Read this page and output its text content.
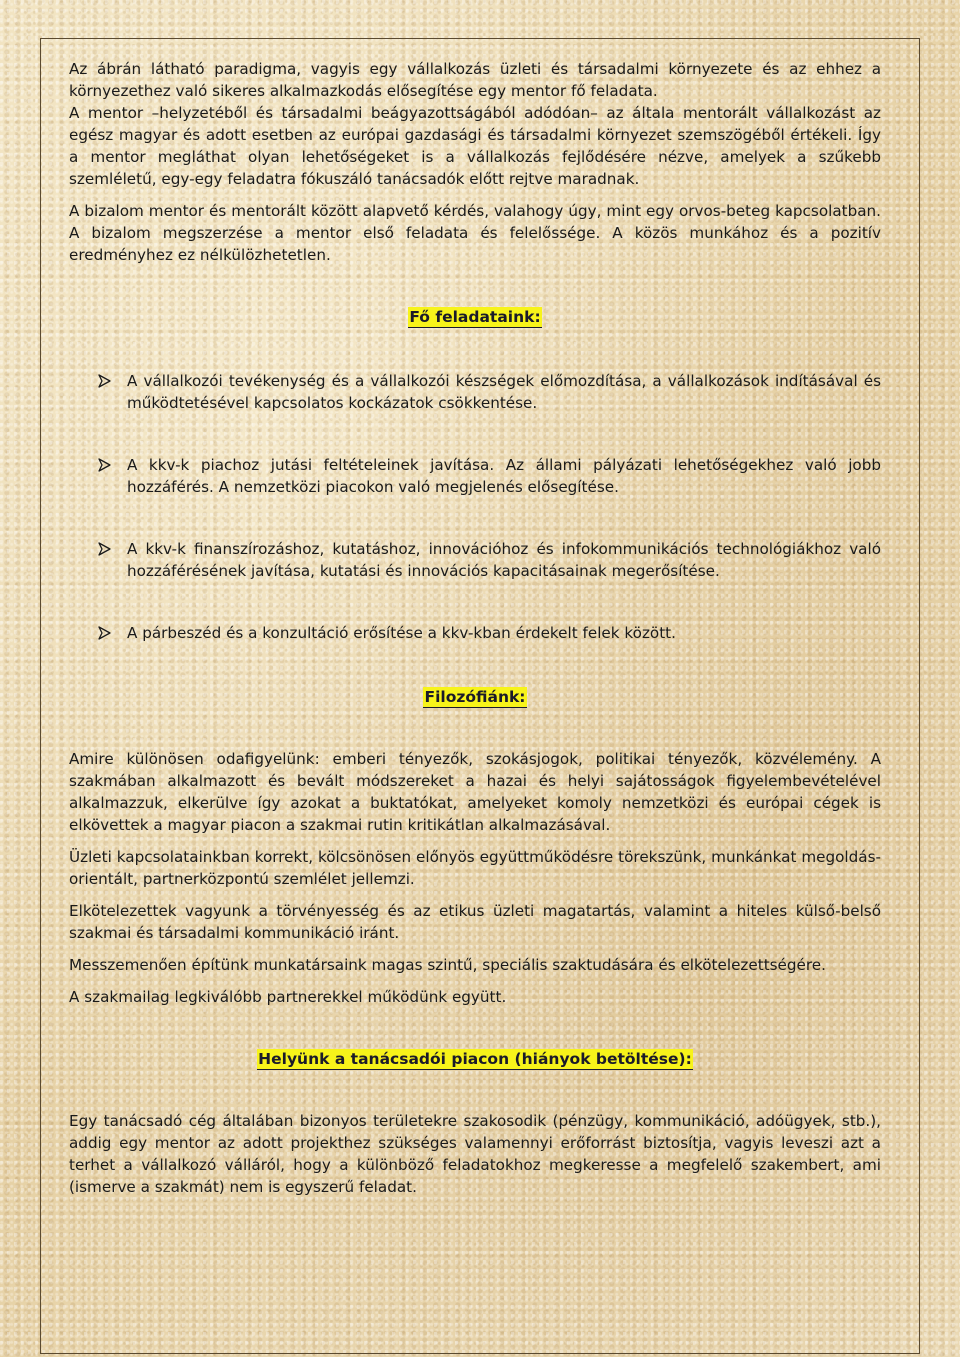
Az ábrán látható paradigma, vagyis egy vállalkozás üzleti és társadalmi környezete és az ehhez a környezethez való sikeres alkalmazkodás elősegítése egy mentor fő feladata.

A mentor –helyzetéből és társadalmi beágyazottságából adódóan– az általa mentorált vállalkozást az egész magyar és adott esetben az európai gazdasági és társadalmi környezet szemszögéből értékeli. Így a mentor megláthat olyan lehetőségeket is a vállalkozás fejlődésére nézve, amelyek a szűkebb szemléletű, egy-egy feladatra fókuszáló tanácsadók előtt rejtve maradnak.

A bizalom mentor és mentorált között alapvető kérdés, valahogy úgy, mint egy orvos-beteg kapcsolatban. A bizalom megszerzése a mentor első feladata és felelőssége. A közös munkához és a pozitív eredményhez ez nélkülözhetetlen.

Fő feladataink:
A vállalkozói tevékenység és a vállalkozói készségek előmozdítása, a vállalkozások indításával és működtetésével kapcsolatos kockázatok csökkentése.
A kkv-k piachoz jutási feltételeinek javítása. Az állami pályázati lehetőségekhez való jobb hozzáférés. A nemzetközi piacokon való megjelenés elősegítése.
A kkv-k finanszírozáshoz, kutatáshoz, innovációhoz és infokommunikációs technológiákhoz való hozzáférésének javítása, kutatási és innovációs kapacitásainak megerősítése.
A párbeszéd és a konzultáció erősítése a kkv-kban érdekelt felek között.
Filozófiánk:

Amire különösen odafigyelünk: emberi tényezők, szokásjogok, politikai tényezők, közvélemény. A szakmában alkalmazott és bevált módszereket a hazai és helyi sajátosságok figyelembevételével alkalmazzuk, elkerülve így azokat a buktatókat, amelyeket komoly nemzetközi és európai cégek is elkövettek a magyar piacon a szakmai rutin kritikátlan alkalmazásával.

Üzleti kapcsolatainkban korrekt, kölcsönösen előnyös együttműködésre törekszünk, munkánkat megoldás-orientált, partnerközpontú szemlélet jellemzi.

Elkötelezettek vagyunk a törvényesség és az etikus üzleti magatartás, valamint a hiteles külső-belső szakmai és társadalmi kommunikáció iránt.

Messzemenően építünk munkatársaink magas szintű, speciális szaktudására és elkötelezettségére.

A szakmailag legkiválóbb partnerekkel működünk együtt.

Helyünk a tanácsadói piacon (hiányok betöltése):

Egy tanácsadó cég általában bizonyos területekre szakosodik (pénzügy, kommunikáció, adóügyek, stb.), addig egy mentor az adott projekthez szükséges valamennyi erőforrást biztosítja, vagyis leveszi azt a terhet a vállalkozó válláról, hogy a különböző feladatokhoz megkeresse a megfelelő szakembert, ami (ismerve a szakmát) nem is egyszerű feladat.
